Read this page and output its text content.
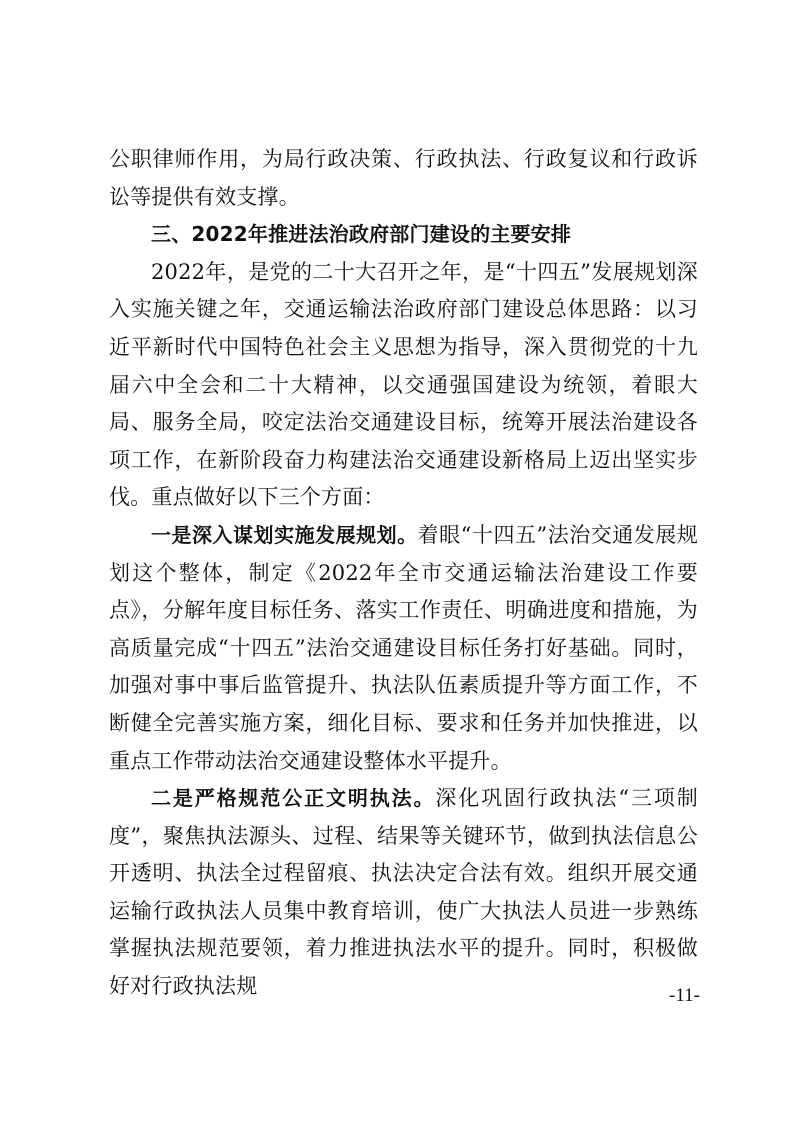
公职律师作用，为局行政决策、行政执法、行政复议和行政诉讼等提供有效支撑。

三、2022年推进法治政府部门建设的主要安排

2022年，是党的二十大召开之年，是“十四五”发展规划深入实施关键之年，交通运输法治政府部门建设总体思路：以习近平新时代中国特色社会主义思想为指导，深入贯彻党的十九届六中全会和二十大精神，以交通强国建设为统领，着眼大局、服务全局，咬定法治交通建设目标，统筹开展法治建设各项工作，在新阶段奋力构建法治交通建设新格局上迈出坚实步伐。重点做好以下三个方面：

一是深入谋划实施发展规划。着眼“十四五”法治交通发展规划这个整体，制定《2022年全市交通运输法治建设工作要点》，分解年度目标任务、落实工作责任、明确进度和措施，为高质量完成“十四五”法治交通建设目标任务打好基础。同时，加强对事中事后监管提升、执法队伍素质提升等方面工作，不断健全完善实施方案，细化目标、要求和任务并加快推进，以重点工作带动法治交通建设整体水平提升。

二是严格规范公正文明执法。深化巩固行政执法“三项制度”，聚焦执法源头、过程、结果等关键环节，做到执法信息公开透明、执法全过程留痕、执法决定合法有效。组织开展交通运输行政执法人员集中教育培训，使广大执法人员进一步熟练掌握执法规范要领，着力推进执法水平的提升。同时，积极做好对行政执法规	-11-
